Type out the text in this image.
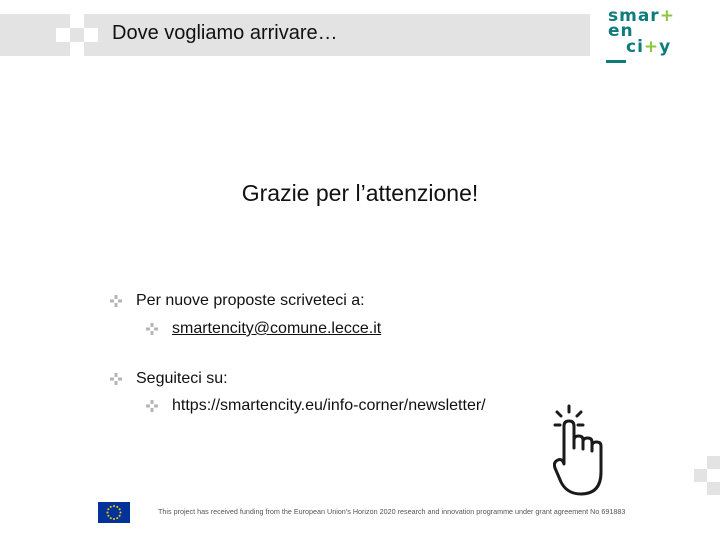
Dove vogliamo arrivare…
smar+
en
ci+y
Grazie per l’attenzione!
Per nuove proposte scriveteci a:
smartencity@comune.lecce.it
Seguiteci su:
https://smartencity.eu/info-corner/newsletter/
This project has received funding from the European Union’s Horizon 2020 research and innovation programme under grant agreement No 691883
